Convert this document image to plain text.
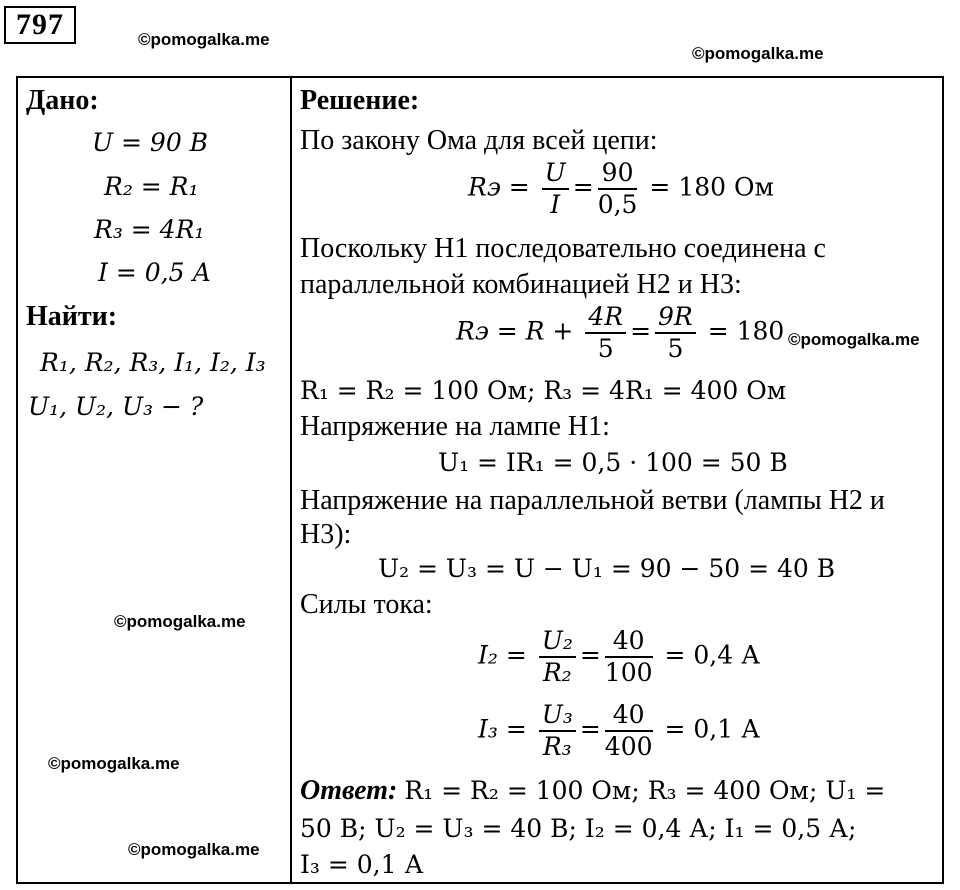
797	©pomogalka.me
©pomogalka.me
©pomogalka.me
©pomogalka.me
©pomogalka.me
Дано:
U = 90 В
R₂ = R₁
R₃ = 4R₁
I = 0,5 А
Найти:
R₁, R₂, R₃, I₁, I₂, I₃
U₁, U₂, U₃ − ?
Решение:
По закону Ома для всей цепи:
Rэ = $\frac{U}{I} = \frac{90}{0,5} = 180$ Ом
Поскольку Н1 последовательно соединена с
параллельной комбинацией Н2 и Н3:
Rэ = $R + \frac{4R}{5} = \frac{9R}{5} = 180$ ©pomogalka.me
R₁ = R₂ = 100 Ом; R₃ = 4R₁ = 400 Ом
Напряжение на лампе Н1:
U₁ = IR₁ = 0,5 · 100 = 50 В
Напряжение на параллельной ветви (лампы Н2 и
Н3):
U₂ = U₃ = U − U₁ = 90 − 50 = 40 В
Силы тока:
$I_2 = \frac{\text{U₂}}{\text{R₂}} = \frac{40}{100} = 0,4$ А
$I_3 = \frac{\text{U₃}}{\text{R₃}} = \frac{40}{400} = 0,1$ А
Ответ: R₁ = R₂ = 100 Ом; R₃ = 400 Ом; U₁ =
50 В; U₂ = U₃ = 40 В; I₂ = 0,4 А; I₁ = 0,5 А;
I₃ = 0,1 А
